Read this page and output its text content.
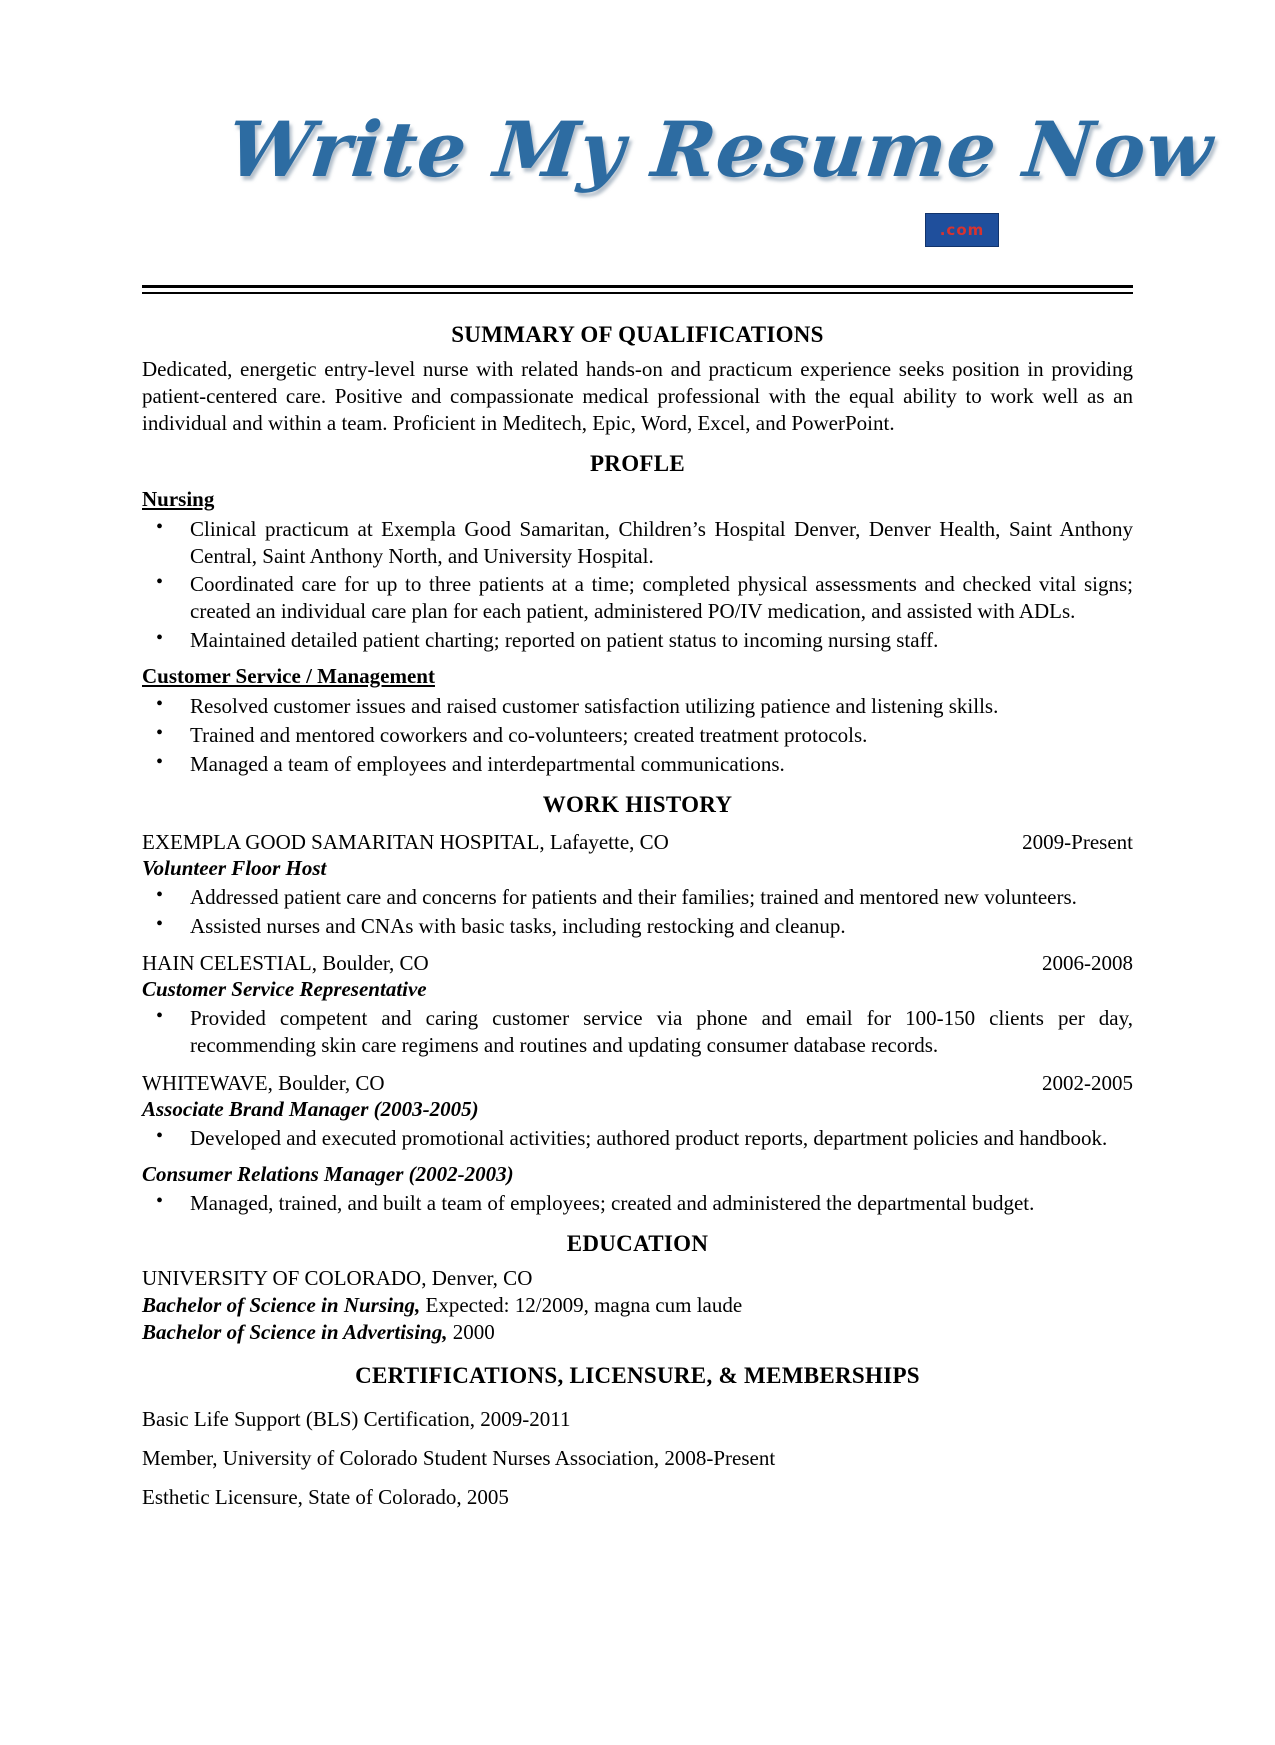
Write My Resume Now
.com
SUMMARY OF QUALIFICATIONS

Dedicated, energetic entry-level nurse with related hands-on and practicum experience seeks position in providing patient-centered care. Positive and compassionate medical professional with the equal ability to work well as an individual and within a team. Proficient in Meditech, Epic, Word, Excel, and PowerPoint.

PROFLE
Nursing
• Clinical practicum at Exempla Good Samaritan, Children’s Hospital Denver, Denver Health, Saint Anthony Central, Saint Anthony North, and University Hospital.
• Coordinated care for up to three patients at a time; completed physical assessments and checked vital signs; created an individual care plan for each patient, administered PO/IV medication, and assisted with ADLs.
• Maintained detailed patient charting; reported on patient status to incoming nursing staff.
Customer Service / Management
• Resolved customer issues and raised customer satisfaction utilizing patience and listening skills.
• Trained and mentored coworkers and co-volunteers; created treatment protocols.
• Managed a team of employees and interdepartmental communications.
WORK HISTORY
EXEMPLA GOOD SAMARITAN HOSPITAL, Lafayette, CO	2009-Present
Volunteer Floor Host
• Addressed patient care and concerns for patients and their families; trained and mentored new volunteers.
• Assisted nurses and CNAs with basic tasks, including restocking and cleanup.
HAIN CELESTIAL, Boulder, CO	2006-2008
Customer Service Representative
• Provided competent and caring customer service via phone and email for 100-150 clients per day, recommending skin care regimens and routines and updating consumer database records.
WHITEWAVE, Boulder, CO	2002-2005
Associate Brand Manager (2003-2005)
• Developed and executed promotional activities; authored product reports, department policies and handbook.
Consumer Relations Manager (2002-2003)
• Managed, trained, and built a team of employees; created and administered the departmental budget.
EDUCATION
UNIVERSITY OF COLORADO, Denver, CO
Bachelor of Science in Nursing, Expected: 12/2009, magna cum laude
Bachelor of Science in Advertising, 2000
CERTIFICATIONS, LICENSURE, & MEMBERSHIPS
Basic Life Support (BLS) Certification, 2009-2011
Member, University of Colorado Student Nurses Association, 2008-Present
Esthetic Licensure, State of Colorado, 2005
